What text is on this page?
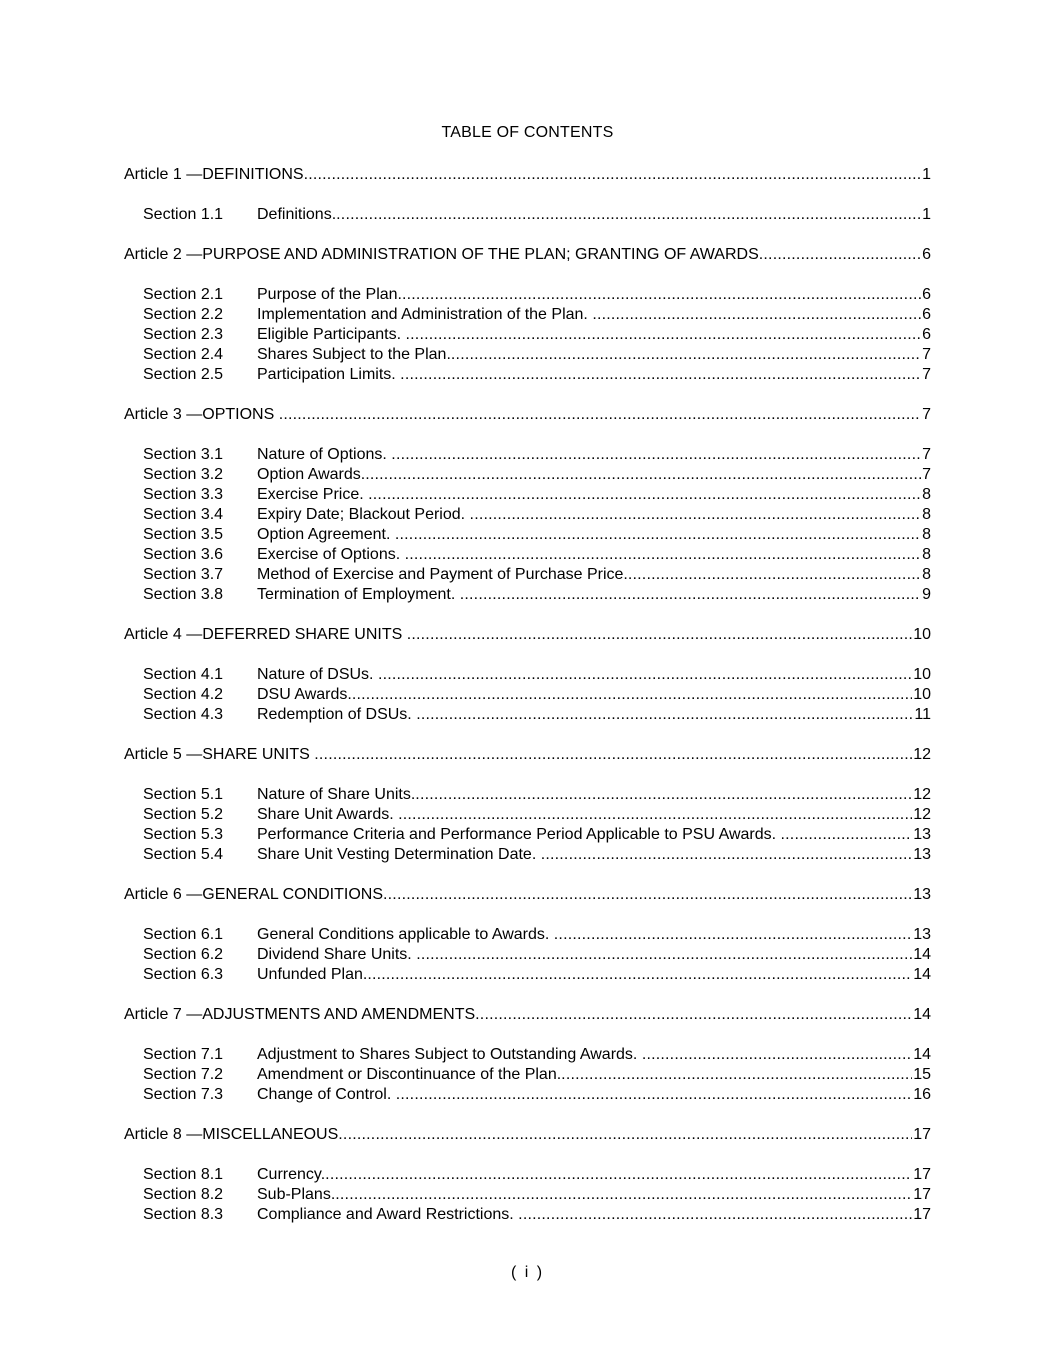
TABLE OF CONTENTS
Article 1 —DEFINITIONS .....	1
Section 1.1	Definitions. .....	1
Article 2 —PURPOSE AND ADMINISTRATION OF THE PLAN; GRANTING OF AWARDS .....	6
Section 2.1	Purpose of the Plan. .....	6
Section 2.2	Implementation and Administration of the Plan. .....	6
Section 2.3	Eligible Participants. .....	6
Section 2.4	Shares Subject to the Plan. .....	7
Section 2.5	Participation Limits. .....	7
Article 3 —OPTIONS .....	7
Section 3.1	Nature of Options. .....	7
Section 3.2	Option Awards. .....	7
Section 3.3	Exercise Price. .....	8
Section 3.4	Expiry Date; Blackout Period. .....	8
Section 3.5	Option Agreement. .....	8
Section 3.6	Exercise of Options. .....	8
Section 3.7	Method of Exercise and Payment of Purchase Price. .....	8
Section 3.8	Termination of Employment. .....	9
Article 4 —DEFERRED SHARE UNITS .....	10
Section 4.1	Nature of DSUs. .....	10
Section 4.2	DSU Awards. .....	10
Section 4.3	Redemption of DSUs. .....	11
Article 5 —SHARE UNITS .....	12
Section 5.1	Nature of Share Units. .....	12
Section 5.2	Share Unit Awards. .....	12
Section 5.3	Performance Criteria and Performance Period Applicable to PSU Awards. .....	13
Section 5.4	Share Unit Vesting Determination Date. .....	13
Article 6 —GENERAL CONDITIONS .....	13
Section 6.1	General Conditions applicable to Awards. .....	13
Section 6.2	Dividend Share Units. .....	14
Section 6.3	Unfunded Plan. .....	14
Article 7 —ADJUSTMENTS AND AMENDMENTS .....	14
Section 7.1	Adjustment to Shares Subject to Outstanding Awards. .....	14
Section 7.2	Amendment or Discontinuance of the Plan. .....	15
Section 7.3	Change of Control. .....	16
Article 8 —MISCELLANEOUS .....	17
Section 8.1	Currency. .....	17
Section 8.2	Sub-Plans. .....	17
Section 8.3	Compliance and Award Restrictions. .....	17
( i )
